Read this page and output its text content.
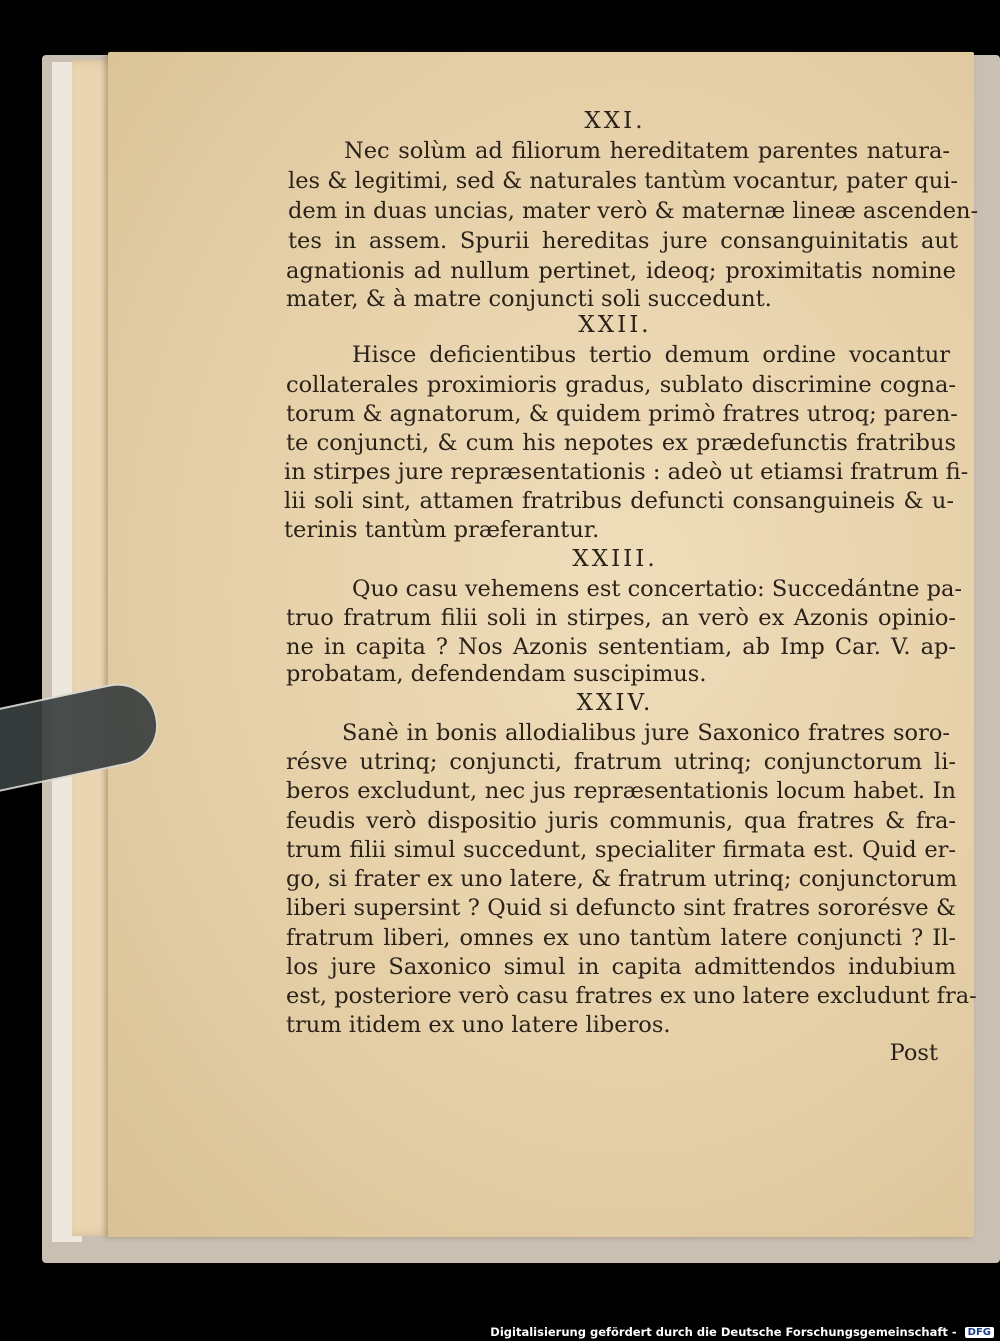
XXI.
Nec solùm ad filiorum hereditatem parentes natura-
les & legitimi, sed & naturales tantùm vocantur, pater qui-
dem in duas uncias, mater verò & maternæ lineæ ascenden-
tes in assem. Spurii hereditas jure consanguinitatis aut
agnationis ad nullum pertinet, ideoq; proximitatis nomine
mater, & à matre conjuncti soli succedunt.
XXII.
Hisce deficientibus tertio demum ordine vocantur
collaterales proximioris gradus, sublato discrimine cogna-
torum & agnatorum, & quidem primò fratres utroq; paren-
te conjuncti, & cum his nepotes ex prædefunctis fratribus
in stirpes jure repræsentationis : adeò ut etiamsi fratrum fi-
lii soli sint, attamen fratribus defuncti consanguineis & u-
terinis tantùm præferantur.
XXIII.
Quo casu vehemens est concertatio: Succedántne pa-
truo fratrum filii soli in stirpes, an verò ex Azonis opinio-
ne in capita ? Nos Azonis sententiam, ab Imp Car. V. ap-
probatam, defendendam suscipimus.
XXIV.
Sanè in bonis allodialibus jure Saxonico fratres soro-
résve utrinq; conjuncti, fratrum utrinq; conjunctorum li-
beros excludunt, nec jus repræsentationis locum habet. In
feudis verò dispositio juris communis, qua fratres & fra-
trum filii simul succedunt, specialiter firmata est. Quid er-
go, si frater ex uno latere, & fratrum utrinq; conjunctorum
liberi supersint ? Quid si defuncto sint fratres sororésve &
fratrum liberi, omnes ex uno tantùm latere conjuncti ? Il-
los jure Saxonico simul in capita admittendos indubium
est, posteriore verò casu fratres ex uno latere excludunt fra-
trum itidem ex uno latere liberos.
Post
Digitalisierung gefördert durch die Deutsche Forschungsgemeinschaft - DFG
